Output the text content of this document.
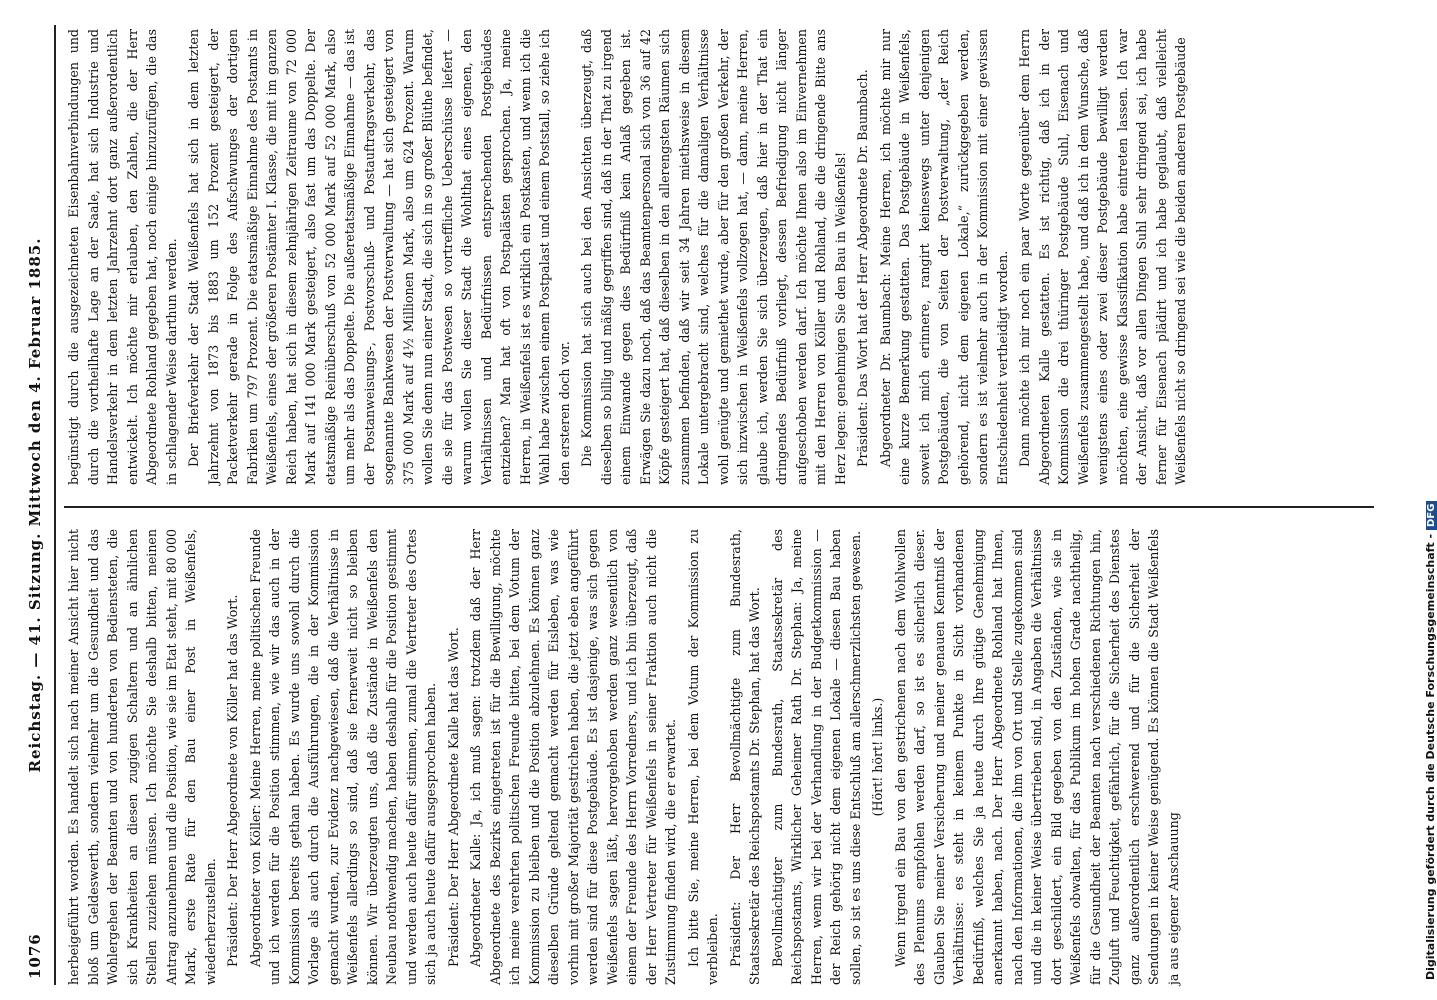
1076
Reichstag. — 41. Sitzung. Mittwoch den 4. Februar 1885. herbeigeführt worden. Es handelt sich nach meiner Ansicht hier nicht bloß um Geldeswerth, sondern vielmehr um die Gesundheit und das Wohlergehen der Beamten und von hunderten von Bediensteten, die sich Krankheiten an diesen zugigen Schaltern und an ähnlichen Stellen zuziehen müssen. Ich möchte Sie deshalb bitten, meinen Antrag anzunehmen und die Position, wie sie im Etat steht, mit 80 000 Mark, erste Rate für den Bau einer Post in Weißenfels, wiederherzustellen. Präsident: Der Herr Abgeordnete von Köller hat das Wort. Abgeordneter von Köller: Meine Herren, meine politischen Freunde und ich werden für die Position stimmen, wie wir das auch in der Kommission bereits gethan haben. Es wurde uns sowohl durch die Vorlage als auch durch die Ausführungen, die in der Kommission gemacht wurden, zur Evidenz nachgewiesen, daß die Verhältnisse in Weißenfels allerdings so sind, daß sie fernerweit nicht so bleiben können. Wir überzeugten uns, daß die Zustände in Weißenfels den Neubau nothwendig machen, haben deshalb für die Position gestimmt und werden auch heute dafür stimmen, zumal die Vertreter des Ortes sich ja auch heute dafür ausgesprochen haben. Präsident: Der Herr Abgeordnete Kalle hat das Wort. Abgeordneter Kalle: Ja, ich muß sagen: trotzdem daß der Herr Abgeordnete des Bezirks eingetreten ist für die Bewilligung, möchte ich meine verehrten politischen Freunde bitten, bei dem Votum der Kommission zu bleiben und die Position abzulehnen. Es können ganz dieselben Gründe geltend gemacht werden für Eisleben, was wie vorhin mit großer Majorität gestrichen haben, die jetzt eben angeführt werden sind für diese Postgebäude. Es ist dasjenige, was sich gegen Weißenfels sagen läßt, hervorgehoben werden ganz wesentlich von einem der Freunde des Herrn Vorredners, und ich bin überzeugt, daß der Herr Vertreter für Weißenfels in seiner Fraktion auch nicht die Zustimmung finden wird, die er erwartet. Ich bitte Sie, meine Herren, bei dem Votum der Kommission zu verbleiben. Präsident: Der Herr Bevollmächtigte zum Bundesrath, Staatssekretär des Reichspostamts Dr. Stephan, hat das Wort. Bevollmächtigter zum Bundesrath, Staatssekretär des Reichspostamts, Wirklicher Geheimer Rath Dr. Stephan: Ja, meine Herren, wenn wir bei der Verhandlung in der Budgetkommission — der Reich gehörig nicht dem eigenen Lokale — diesen Bau haben sollen, so ist es uns diese Entschluß am allerschmerzlichsten gewesen. (Hört! hört! links.) Wenn irgend ein Bau von den gestrichenen nach dem Wohlwollen des Plenums empfohlen werden darf, so ist es sicherlich dieser. Glauben Sie meiner Versicherung und meiner genauen Kenntniß der Verhältnisse: es steht in keinem Punkte in Sicht vorhandenen Bedürfniß, welches Sie ja heute durch Ihre gütige Genehmigung anerkannt haben, nach. Der Herr Abgeordnete Rohland hat Ihnen, nach den Informationen, die ihm von Ort und Stelle zugekommen sind und die in keiner Weise übertrieben sind, in Angaben die Verhältnisse dort geschildert, ein Bild gegeben von den Zuständen, wie sie in Weißenfels obwalten, für das Publikum im hohen Grade nachtheilig, für die Gesundheit der Beamten nach verschiedenen Richtungen hin, Zugluft und Feuchtigkeit, gefährlich, für die Sicherheit des Dienstes ganz außerordentlich erschwerend und für die Sicherheit der Sendungen in keiner Weise genügend. Es können die Stadt Weißenfels ja aus eigener Anschauung

begünstigt durch die ausgezeichneten Eisenbahnverbindungen und durch die vortheilhafte Lage an der Saale, hat sich Industrie und Handelsverkehr in dem letzten Jahrzehnt dort ganz außerordentlich entwickelt. Ich möchte mir erlauben, den Zahlen, die der Herr Abgeordnete Rohland gegeben hat, noch einige hinzuzufügen, die das in schlagender Weise darthun werden. Der Briefverkehr der Stadt Weißenfels hat sich in dem letzten Jahrzehnt von 1873 bis 1883 um 152 Prozent gesteigert, der Packetverkehr gerade in Folge des Aufschwunges der dortigen Fabriken um 797 Prozent. Die etatsmäßige Einnahme des Postamts in Weißenfels, eines der größeren Postämter I. Klasse, die mit im ganzen Reich haben, hat sich in diesem zehnjährigen Zeitraume von 72 000 Mark auf 141 000 Mark gesteigert, also fast um das Doppelte. Der etatsmäßige Reinüberschuß von 52 000 Mark auf 52 000 Mark, also um mehr als das Doppelte. Die außeretatsmäßige Einnahme — das ist der Postanweisungs-, Postvorschuß- und Postauftragsverkehr, das sogenannte Bankwesen der Postverwaltung — hat sich gesteigert von 375 000 Mark auf 4½ Millionen Mark, also um 624 Prozent. Warum wollen Sie denn nun einer Stadt, die sich in so großer Blüthe befindet, die sie für das Postwesen so vortreffliche Ueberschüsse liefert — warum wollen Sie dieser Stadt die Wohlthat eines eigenen, den Verhältnissen und Bedürfnissen entsprechenden Postgebäudes entziehen? Man hat oft von Postpalästen gesprochen. Ja, meine Herren, in Weißenfels ist es wirklich ein Postkasten, und wenn ich die Wahl habe zwischen einem Postpalast und einem Poststall, so ziehe ich den ersteren doch vor. Die Kommission hat sich auch bei den Ansichten überzeugt, daß dieselben so billig und mäßig gegriffen sind, daß in der That zu irgend einem Einwande gegen dies Bedürfniß kein Anlaß gegeben ist. Erwägen Sie dazu noch, daß das Beamtenpersonal sich von 36 auf 42 Köpfe gesteigert hat, daß dieselben in den allerengsten Räumen sich zusammen befinden, daß wir seit 34 Jahren miethsweise in diesem Lokale untergebracht sind, welches für die damaligen Verhältnisse wohl genügte und gemiethet wurde, aber für den großen Verkehr, der sich inzwischen in Weißenfels vollzogen hat, — dann, meine Herren, glaube ich, werden Sie sich überzeugen, daß hier in der That ein dringendes Bedürfniß vorliegt, dessen Befriedigung nicht länger aufgeschoben werden darf. Ich möchte Ihnen also im Einvernehmen mit den Herren von Köller und Rohland, die die dringende Bitte ans Herz legen: genehmigen Sie den Bau in Weißenfels! Präsident: Das Wort hat der Herr Abgeordnete Dr. Baumbach. Abgeordneter Dr. Baumbach: Meine Herren, ich möchte mir nur eine kurze Bemerkung gestatten. Das Postgebäude in Weißenfels, soweit ich mich erinnere, rangirt keineswegs unter denjenigen Postgebäuden, die von Seiten der Postverwaltung, „der Reich gehörend, nicht dem eigenen Lokale,“ zurückgegeben werden, sondern es ist vielmehr auch in der Kommission mit einer gewissen Entschiedenheit vertheidigt worden. Dann möchte ich mir noch ein paar Worte gegenüber dem Herrn Abgeordneten Kalle gestatten. Es ist richtig, daß ich in der Kommission die drei thüringer Postgebäude Suhl, Eisenach und Weißenfels zusammengestellt habe, und daß ich in dem Wunsche, daß wenigstens eines oder zwei dieser Postgebäude bewilligt werden möchten, eine gewisse Klassifikation habe eintreten lassen. Ich war der Ansicht, daß vor allen Dingen Suhl sehr dringend sei, ich habe ferner für Eisenach plädirt und ich habe geglaubt, daß vielleicht Weißenfels nicht so dringend sei wie die beiden anderen Postgebäude

Digitalisierung gefördert durch die Deutsche Forschungsgemeinschaft -DFG
